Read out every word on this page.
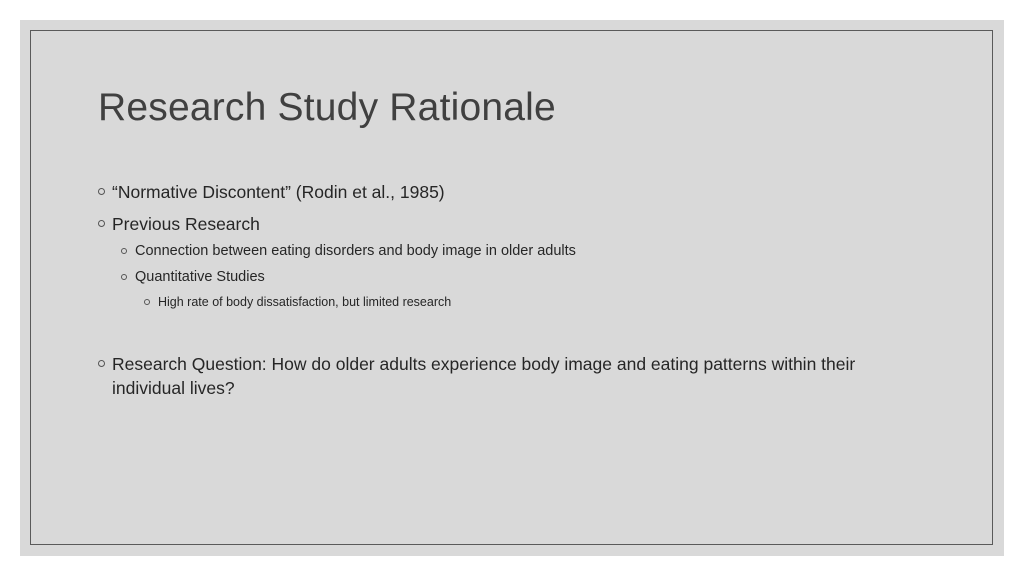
Research Study Rationale
“Normative Discontent” (Rodin et al., 1985)
Previous Research
Connection between eating disorders and body image in older adults
Quantitative Studies
High rate of body dissatisfaction, but limited research
Research Question: How do older adults experience body image and eating patterns within their individual lives?
